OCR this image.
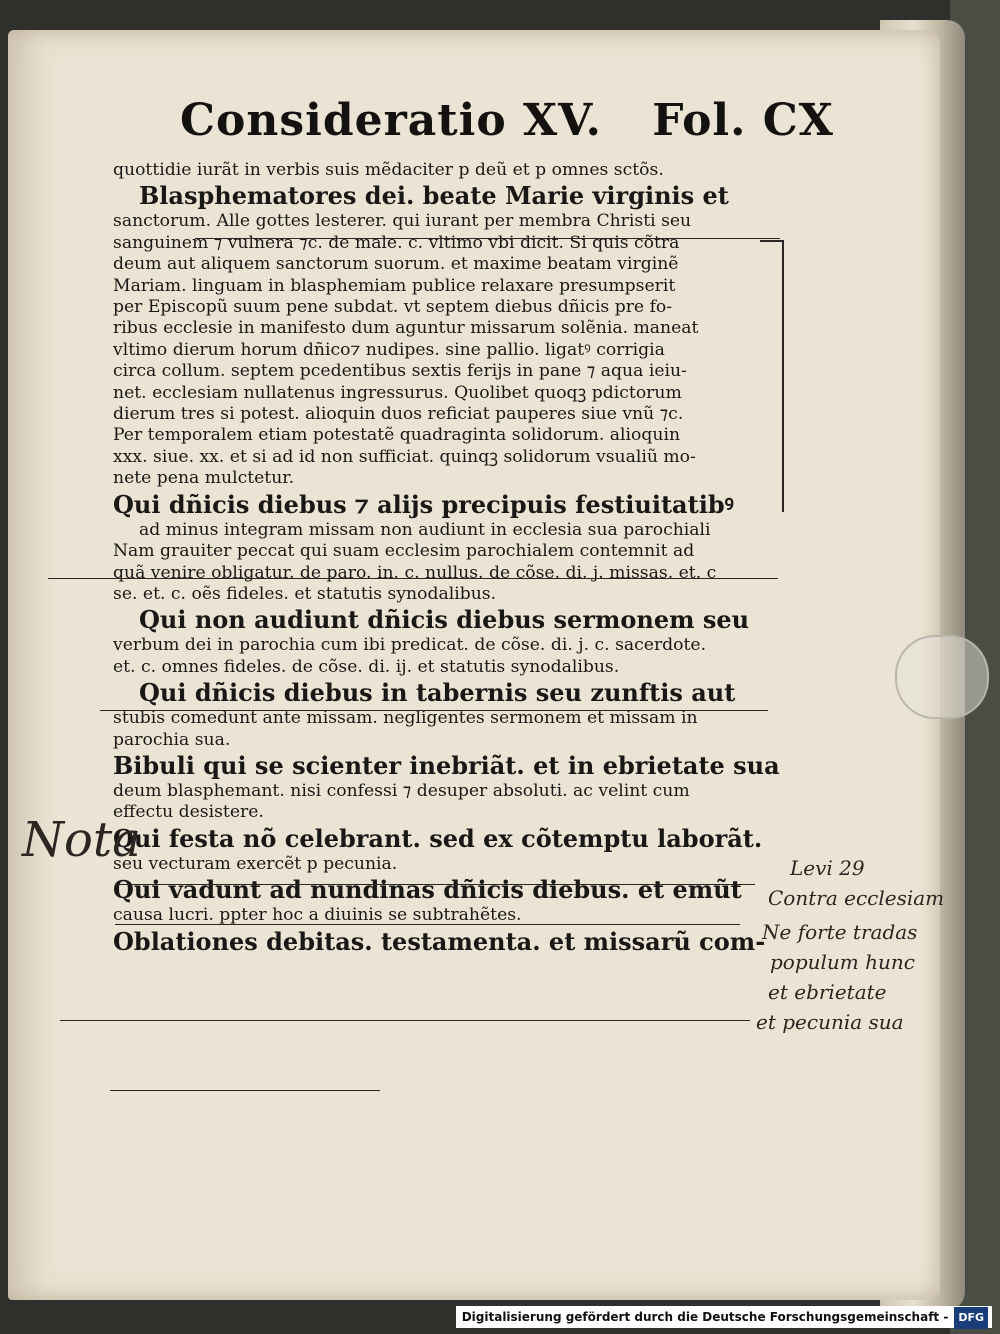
Consideratio XV. Fol. CX
quottidie iurãt in verbis suis mẽdaciter p deũ et p omnes sctõs.
Blasphematores dei. beate Marie virginis et
sanctorum. Alle gottes lesterer. qui iurant per membra Christi seu
sanguinem ⁊ vulnera ⁊c. de male. c. vltimo vbi dicit. Si quis cõtra
deum aut aliquem sanctorum suorum. et maxime beatam virginẽ
Mariam. linguam in blasphemiam publice relaxare presumpserit
per Episcopũ suum pene subdat. vt septem diebus dñicis pre fo-
ribus ecclesie in manifesto dum aguntur missarum solẽnia. maneat
vltimo dierum horum dñico⁊ nudipes. sine pallio. ligatꝰ corrigia
circa collum. septem pcedentibus sextis ferijs in pane ⁊ aqua ieiu-
net. ecclesiam nullatenus ingressurus. Quolibet quoqꝫ pdictorum
dierum tres si potest. alioquin duos reficiat pauperes siue vnũ ⁊c.
Per temporalem etiam potestatẽ quadraginta solidorum. alioquin
xxx. siue. xx. et si ad id non sufficiat. quinqꝫ solidorum vsualiũ mo-
nete pena mulctetur.
Qui dñicis diebus ⁊ alijs precipuis festiuitatibꝰ
ad minus integram missam non audiunt in ecclesia sua parochiali
Nam grauiter peccat qui suam ecclesim parochialem contemnit ad
quã venire obligatur. de paro. in. c. nullus. de cõse. di. j. missas. et. c
se. et. c. oẽs fideles. et statutis synodalibus.
Qui non audiunt dñicis diebus sermonem seu
verbum dei in parochia cum ibi predicat. de cõse. di. j. c. sacerdote.
et. c. omnes fideles. de cõse. di. ij. et statutis synodalibus.
Qui dñicis diebus in tabernis seu zunftis aut
stubis comedunt ante missam. negligentes sermonem et missam in
parochia sua.
Bibuli qui se scienter inebriãt. et in ebrietate sua
deum blasphemant. nisi confessi ⁊ desuper absoluti. ac velint cum
effectu desistere.
Qui festa nõ celebrant. sed ex cõtemptu laborãt.
seu vecturam exercẽt p pecunia.
Qui vadunt ad nundinas dñicis diebus. et emũt
causa lucri. ppter hoc a diuinis se subtrahẽtes.
Oblationes debitas. testamenta. et missarũ com-
Nota	Levi 29
Contra ecclesiam
Ne forte tradas
populum hunc
et ebrietate
et pecunia sua
Digitalisierung gefördert durch die Deutsche Forschungsgemeinschaft - DFG
